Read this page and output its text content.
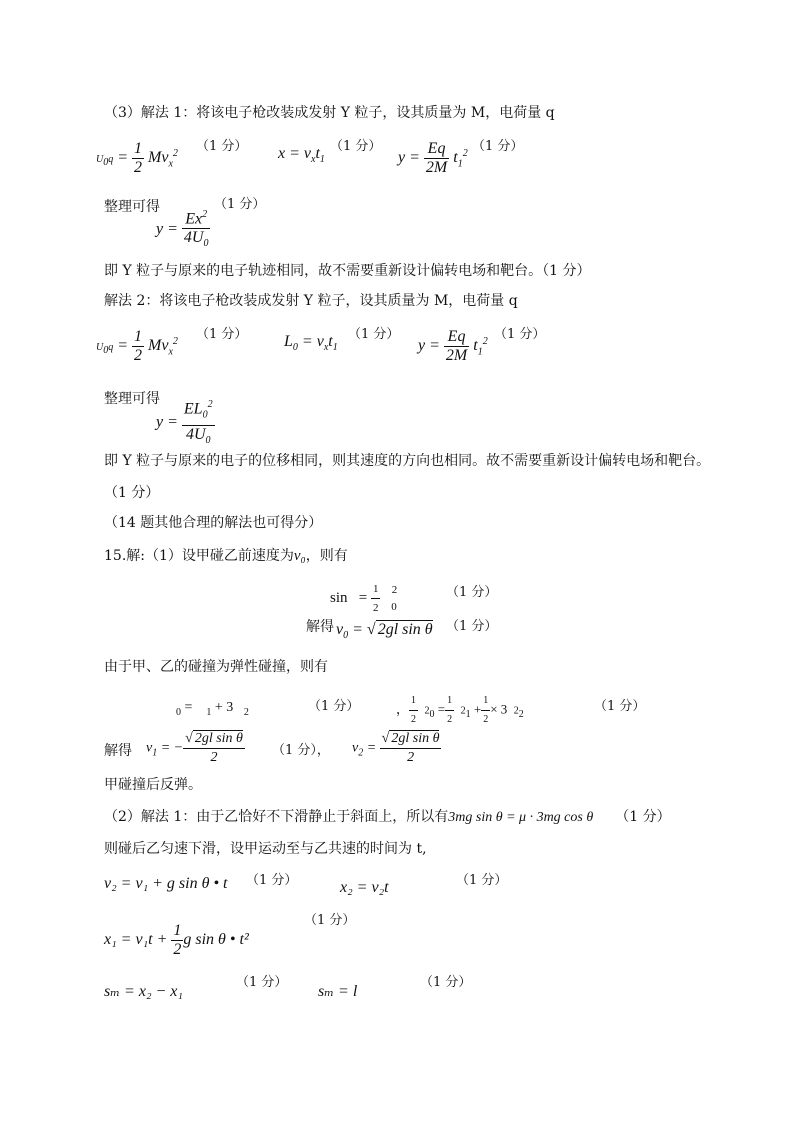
（3）解法 1：将该电子枪改装成发射 Y 粒子，设其质量为 M，电荷量 q
$U_0q = \frac{1}{2} Mv_x^2$ （1 分） $x = v_xt_1$
（1 分）
$y = \frac{Eq}{2M} t_1^2$ （1 分）
整理可得
$y = \frac{Ex^2}{4U_0}$
（1 分）
即 Y 粒子与原来的电子轨迹相同，故不需要重新设计偏转电场和靶台。（1 分）
解法 2：将该电子枪改装成发射 Y 粒子，设其质量为 M，电荷量 q
$U_0q = \frac{1}{2} Mv_x^2$ （1 分） $L_0 = v_xt_1$
（1 分）
$y = \frac{Eq}{2M} t_1^2$ （1 分）
整理可得
$y = \frac{EL_0^2}{4U_0}$
即 Y 粒子与原来的电子的位移相同，则其速度的方向也相同。故不需要重新设计偏转电场和靶台。
（1 分）
（14 题其他合理的解法也可得分）
15.解:（1）设甲碰乙前速度为v₀，则有
$\sin = \frac{1}{2} ^20$
（1 分）
解得 $v_0$ = √ 2gl sin θ （1 分）
由于甲、乙的碰撞为弹性碰撞，则有
$_0$ =    $_1$ + 3   $_2$	（1 分）	， $\frac{1}{2} 2_0 = \frac{1}{2} 2_1 + \frac{1}{2} \times 3$  $2_2$
（1 分）
解得 $v_1$ = − $\frac{\text{√ 2gl sin θ}}{2} (1$ 分）， $v_2 = \frac{\text{√ 2gl sin θ}}{2}$
甲碰撞后反弹。
（2）解法 1：由于乙恰好不下滑静止于斜面上，所以有3mg sin θ = μ · 3mg cos θ （1 分）
则碰后乙匀速下滑，设甲运动至与乙共速的时间为 t,
v₂ = v₁ + g sin θ • t （1 分）	x₂ = v₂t	（1 分）
（1 分）
$x_1 = v_1t + \frac{1}{2}$ g sin θ • t²
sₘ = x₂ − x₁
（1 分）
sₘ = l
（1 分）
